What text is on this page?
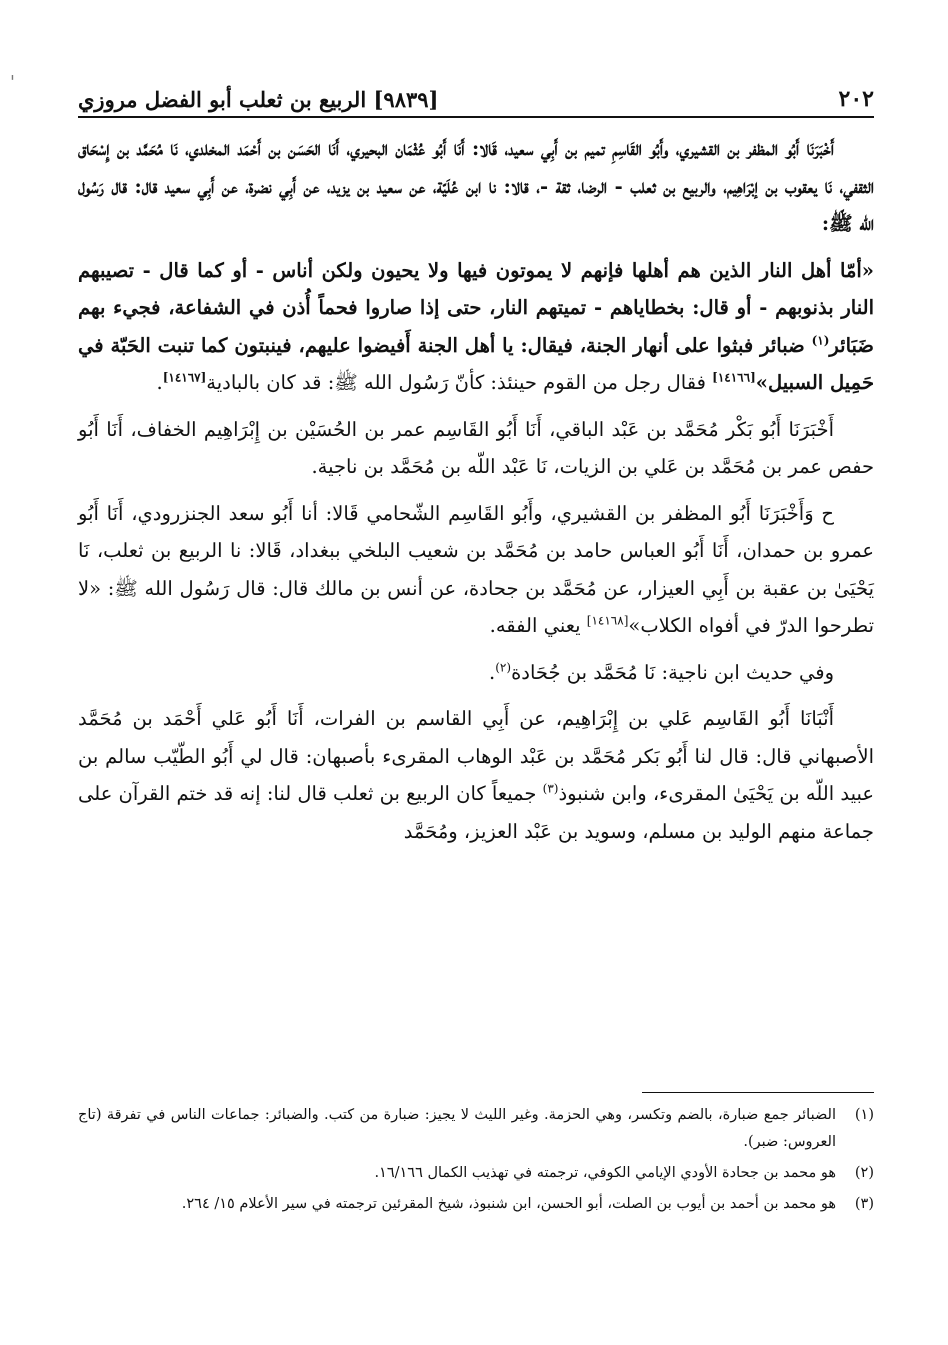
٢٠٢
[٩٨٣٩] الربيع بن ثعلب أبو الفضل مروزي
'

أَخْبَرَنَا أَبُو المظفر بن القشيري، وأَبُو القَاسِمِ تميم بن أَبِي سعيد، قَالا: أَنَا أَبُو عُثْمَان البحيري، أَنَا الحَسَن بن أَحْمَد المخلدي، نَا مُحَمَّد بن إِسْحَاق الثقفي، نَا يعقوب بن إبْرَاهِيم، والربيع بن ثعلب - الرضا، ثقة -، قالا: نا ابن عُلَيّة، عن سعيد بن يزيد، عن أَبِي نضرة، عن أَبِي سعيد قال: قال رَسُول الله ﷺ:

«أمّا أهل النار الذين هم أهلها فإنهم لا يموتون فيها ولا يحيون ولكن أناس - أو كما قال - تصيبهم النار بذنوبهم - أو قال: بخطاياهم - تميتهم النار، حتى إذا صاروا فحماً أُذن في الشفاعة، فجيء بهم ضَبَائر$^{(١)}$ ضبائر فبثوا على أنهار الجنة، فيقال: يا أهل الجنة أَفيضوا عليهم، فينبتون كما تنبت الحَبّة في حَمِيل السبيل»[١٤١٦٦] فقال رجل من القوم حينئذ: كأنّ رَسُول الله ﷺ: قد كان بالبادية[١٤١٦٧].

أَخْبَرَنَا أَبُو بَكْر مُحَمَّد بن عَبْد الباقي، أَنَا أَبُو القَاسِم عمر بن الحُسَيْن بن إِبْرَاهِيم الخفاف، أَنَا أَبُو حفص عمر بن مُحَمَّد بن عَلي بن الزيات، نَا عَبْد اللّه بن مُحَمَّد بن ناجية.

ح وَأَخْبَرَنَا أَبُو المظفر بن القشيري، وأَبُو القَاسِم الشّحامي قَالا: أنا أَبُو سعد الجنزرودي، أَنَا أَبُو عمرو بن حمدان، أَنَا أَبُو العباس حامد بن مُحَمَّد بن شعيب البلخي ببغداد، قَالا: نا الربيع بن ثعلب، نَا يَحْيَىٰ بن عقبة بن أَبِي العيزار، عن مُحَمَّد بن جحادة، عن أنس بن مالك قال: قال رَسُول الله ﷺ: «لا تطرحوا الدرّ في أفواه الكلاب»[١٤١٦٨] يعني الفقه.

وفي حديث ابن ناجية: نَا مُحَمَّد بن جُحَادة$^{(٢)}$.

أَنْبَانَا أَبُو القَاسِم عَلي بن إِبْرَاهِيم، عن أَبِي القاسم بن الفرات، أَنَا أَبُو عَلي أَحْمَد بن مُحَمَّد الأصبهاني قال: قال لنا أَبُو بَكر مُحَمَّد بن عَبْد الوهاب المقرىء بأصبهان: قال لي أَبُو الطّيّب سالم بن عبيد اللّه بن يَحْيَىٰ المقرىء، وابن شنبوذ$^{(٣)}$ جميعاً كان الربيع بن ثعلب قال لنا: إنه قد ختم القرآن على جماعة منهم الوليد بن مسلم، وسويد بن عَبْد العزيز، ومُحَمَّد

(١)
الضبائر جمع ضبارة، بالضم وتكسر، وهي الحزمة. وغير الليث لا يجيز: ضبارة من كتب. والضبائر: جماعات الناس في تفرقة (تاج العروس: ضبر).
(٢)
هو محمد بن جحادة الأودي الإيامي الكوفي، ترجمته في تهذيب الكمال ١٦/١٦٦.
(٣)
هو محمد بن أحمد بن أيوب بن الصلت، أبو الحسن، ابن شنبوذ، شيخ المقرئين ترجمته في سير الأعلام ١٥/ ٢٦٤.
